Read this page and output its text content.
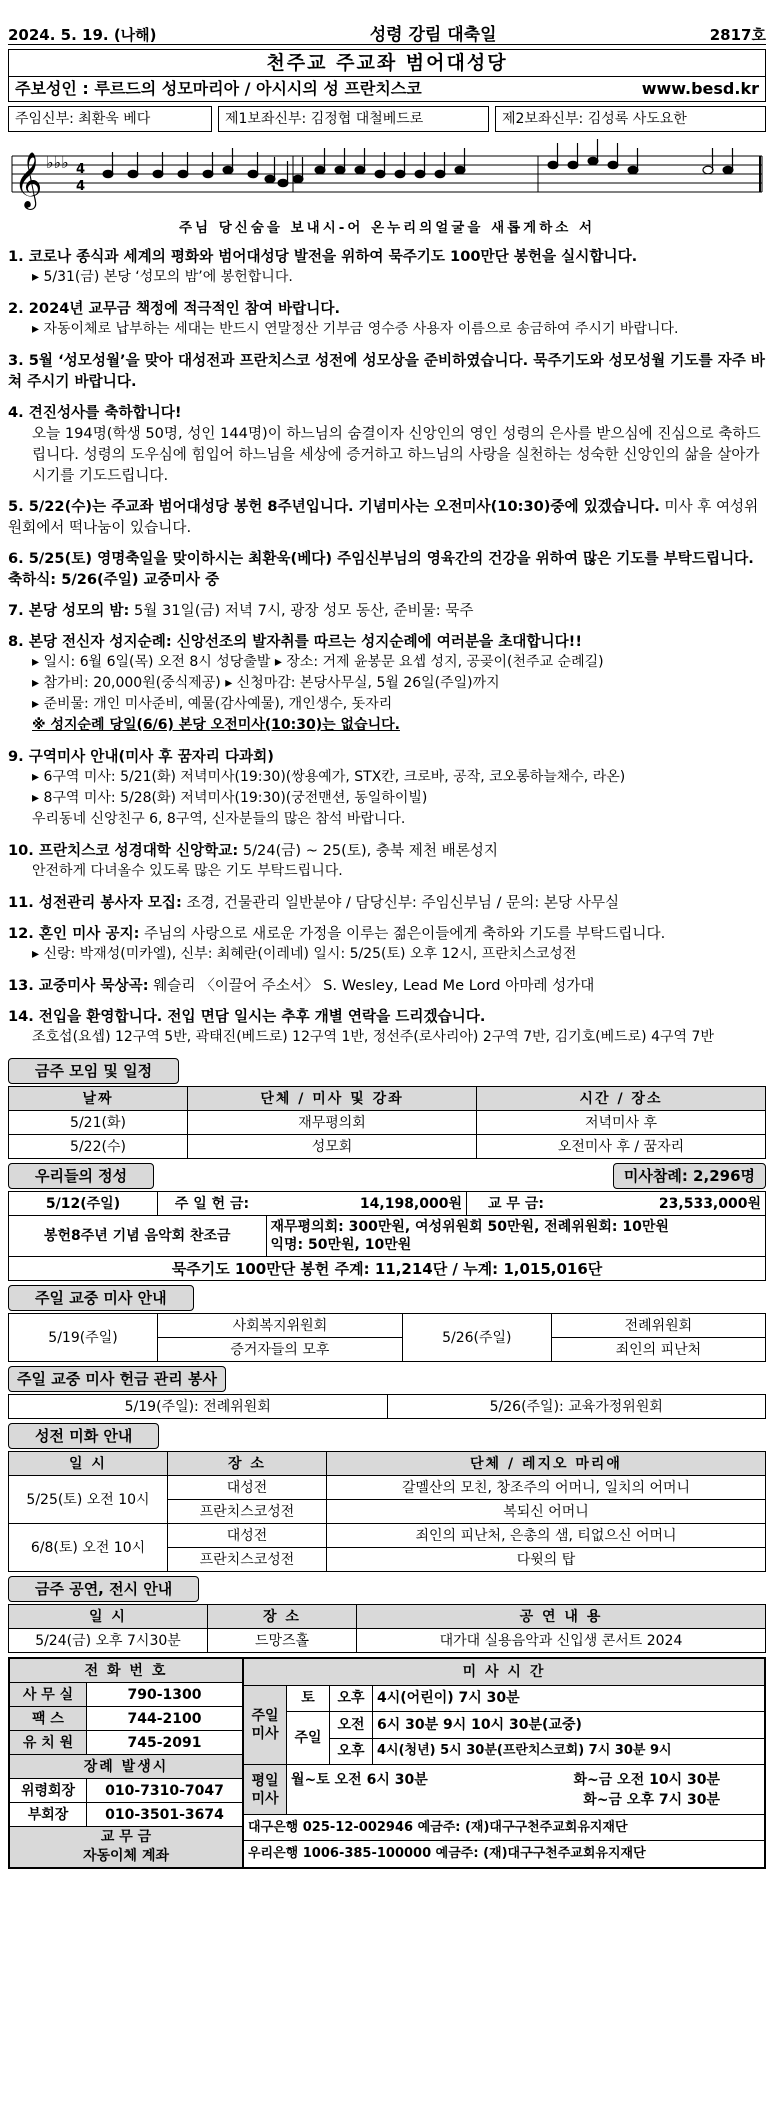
2024. 5. 19. (나해)	성령 강림 대축일	2817호
천주교 주교좌 범어대성당
주보성인 : 루르드의 성모마리아 / 아시시의 성 프란치스코	www.besd.kr
주임신부: 최환욱 베다	제1보좌신부: 김정협 대철베드로	제2보좌신부: 김성록 사도요한
𝄞 ♭♭♭ 4
4
주님 당신숨을 보내시-어 온누리의얼굴을 새롭게하소 서
1. 코로나 종식과 세계의 평화와 범어대성당 발전을 위하여 묵주기도 100만단 봉헌을 실시합니다.
▸ 5/31(금) 본당 ‘성모의 밤’에 봉헌합니다.
2. 2024년 교무금 책정에 적극적인 참여 바랍니다.
▸ 자동이체로 납부하는 세대는 반드시 연말정산 기부금 영수증 사용자 이름으로 송금하여 주시기 바랍니다.
3. 5월 ‘성모성월’을 맞아 대성전과 프란치스코 성전에 성모상을 준비하였습니다. 묵주기도와 성모성월 기도를 자주 바쳐 주시기 바랍니다.
4. 견진성사를 축하합니다!
오늘 194명(학생 50명, 성인 144명)이 하느님의 숨결이자 신앙인의 영인 성령의 은사를 받으심에 진심으로 축하드립니다. 성령의 도우심에 힘입어 하느님을 세상에 증거하고 하느님의 사랑을 실천하는 성숙한 신앙인의 삶을 살아가시기를 기도드립니다.
5. 5/22(수)는 주교좌 범어대성당 봉헌 8주년입니다. 기념미사는 오전미사(10:30)중에 있겠습니다. 미사 후 여성위원회에서 떡나눔이 있습니다.
6. 5/25(토) 영명축일을 맞이하시는 최환욱(베다) 주임신부님의 영육간의 건강을 위하여 많은 기도를 부탁드립니다. 축하식: 5/26(주일) 교중미사 중
7. 본당 성모의 밤: 5월 31일(금) 저녁 7시, 광장 성모 동산, 준비물: 묵주
8. 본당 전신자 성지순례: 신앙선조의 발자취를 따르는 성지순례에 여러분을 초대합니다!!
▸ 일시: 6월 6일(목) 오전 8시 성당출발 ▸ 장소: 거제 윤봉문 요셉 성지, 공곶이(천주교 순례길)
▸ 참가비: 20,000원(중식제공) ▸ 신청마감: 본당사무실, 5월 26일(주일)까지
▸ 준비물: 개인 미사준비, 예물(감사예물), 개인생수, 돗자리
※ 성지순례 당일(6/6) 본당 오전미사(10:30)는 없습니다.
9. 구역미사 안내(미사 후 꿈자리 다과회)
▸ 6구역 미사: 5/21(화) 저녁미사(19:30)(쌍용예가, STX칸, 크로바, 공작, 코오롱하늘채수, 라온)
▸ 8구역 미사: 5/28(화) 저녁미사(19:30)(궁전맨션, 동일하이빌)
우리동네 신앙친구 6, 8구역, 신자분들의 많은 참석 바랍니다.
10. 프란치스코 성경대학 신앙학교: 5/24(금) ~ 25(토), 충북 제천 배론성지
안전하게 다녀올수 있도록 많은 기도 부탁드립니다.
11. 성전관리 봉사자 모집: 조경, 건물관리 일반분야 / 담당신부: 주임신부님 / 문의: 본당 사무실
12. 혼인 미사 공지: 주님의 사랑으로 새로운 가정을 이루는 젊은이들에게 축하와 기도를 부탁드립니다.
▸ 신랑: 박재성(미카엘), 신부: 최혜란(이레네) 일시: 5/25(토) 오후 12시, 프란치스코성전
13. 교중미사 묵상곡: 웨슬리 〈이끌어 주소서〉 S. Wesley, Lead Me Lord 아마레 성가대
14. 전입을 환영합니다. 전입 면담 일시는 추후 개별 연락을 드리겠습니다.
조호섭(요셉) 12구역 5반, 곽태진(베드로) 12구역 1반, 정선주(로사리아) 2구역 7반, 김기호(베드로) 4구역 7반
금주 모임 및 일정
날짜	단체 / 미사 및 강좌	시간 / 장소
5/21(화)	재무평의회	저녁미사 후
5/22(수)	성모회	오전미사 후 / 꿈자리
우리들의 정성	미사참례: 2,296명
5/12(주일)	주 일 헌 금:	14,198,000원	교 무 금:	23,533,000원
봉헌8주년 기념 음악회 찬조금		재무평의회: 300만원, 여성위원회 50만원, 전례위원회: 10만원
익명: 50만원, 10만원		

묵주기도 100만단 봉헌 주계: 11,214단 / 누계: 1,015,016단				
주일 교중 미사 안내
5/19(주일)	사회복지위원회	5/26(주일)	전례위원회
	증거자들의 모후		죄인의 피난처
주일 교중 미사 헌금 관리 봉사
5/19(주일): 전례위원회	5/26(주일): 교육가정위원회
성전 미화 안내
일 시	장 소	단체 / 레지오 마리애
5/25(토) 오전 10시	대성전	갈멜산의 모친, 창조주의 어머니, 일치의 어머니
	프란치스코성전	복되신 어머니
6/8(토) 오전 10시	대성전	죄인의 피난처, 은총의 샘, 티없으신 어머니
	프란치스코성전	다윗의 탑
금주 공연, 전시 안내
일 시	장 소	공 연 내 용
5/24(금) 오후 7시30분	드망즈홀	대가대 실용음악과 신입생 콘서트 2024
전 화 번 호	
사 무 실	790-1300
팩 스	744-2100
유 치 원	745-2091
장례 발생시	
위령회장	010-7310-7047
부회장	010-3501-3674

교 무 금
자동이체 계좌	
미 사 시 간			
주일 미사	토	오후	4시(어린이) 7시 30분
	주일	오전	6시 30분 9시 10시 30분(교중)
		오후	4시(청년) 5시 30분(프란치스코회) 7시 30분 9시
평일 미사	월~토 오전 6시 30분 화~금 오전 10시 30분
화~금 오후 7시 30분		

대구은행 025-12-002946 예금주: (재)대구구천주교회유지재단			
우리은행 1006-385-100000 예금주: (재)대구구천주교회유지재단			
